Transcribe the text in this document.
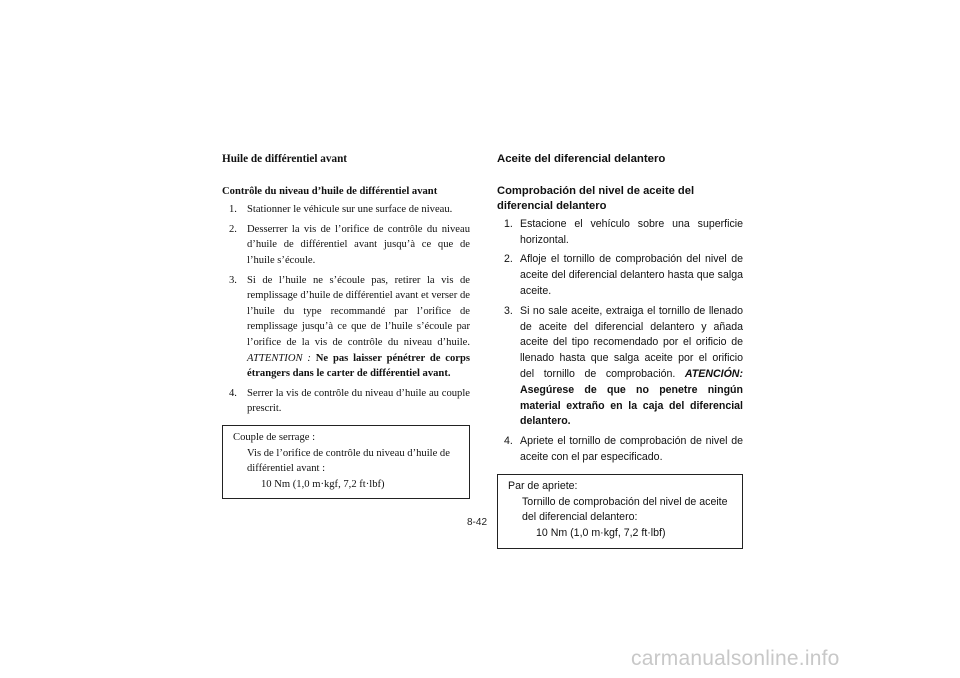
Huile de différentiel avant
Contrôle du niveau d’huile de différentiel avant
1. Stationner le véhicule sur une surface de niveau.
2. Desserrer la vis de l’orifice de contrôle du niveau d’huile de différentiel avant jusqu’à ce que de l’huile s’écoule.
3. Si de l’huile ne s’écoule pas, retirer la vis de remplissage d’huile de différentiel avant et verser de l’huile du type recommandé par l’orifice de remplissage jusqu’à ce que de l’huile s’écoule par l’orifice de la vis de contrôle du niveau d’huile. ATTENTION : Ne pas laisser pénétrer de corps étrangers dans le carter de différentiel avant.
4. Serrer la vis de contrôle du niveau d’huile au couple prescrit.
Couple de serrage :
Vis de l’orifice de contrôle du niveau d’huile de différentiel avant :
10 Nm (1,0 m·kgf, 7,2 ft·lbf)
Aceite del diferencial delantero
Comprobación del nivel de aceite del diferencial delantero
1. Estacione el vehículo sobre una superficie horizontal.
2. Afloje el tornillo de comprobación del nivel de aceite del diferencial delantero hasta que salga aceite.
3. Si no sale aceite, extraiga el tornillo de llenado de aceite del diferencial delantero y añada aceite del tipo recomendado por el orificio de llenado hasta que salga aceite por el orificio del tornillo de comprobación. ATENCIÓN: Asegúrese de que no penetre ningún material extraño en la caja del diferencial delantero.
4. Apriete el tornillo de comprobación de nivel de aceite con el par especificado.
Par de apriete:
Tornillo de comprobación del nivel de aceite del diferencial delantero:
10 Nm (1,0 m·kgf, 7,2 ft·lbf)
8-42
carmanualsonline.info
